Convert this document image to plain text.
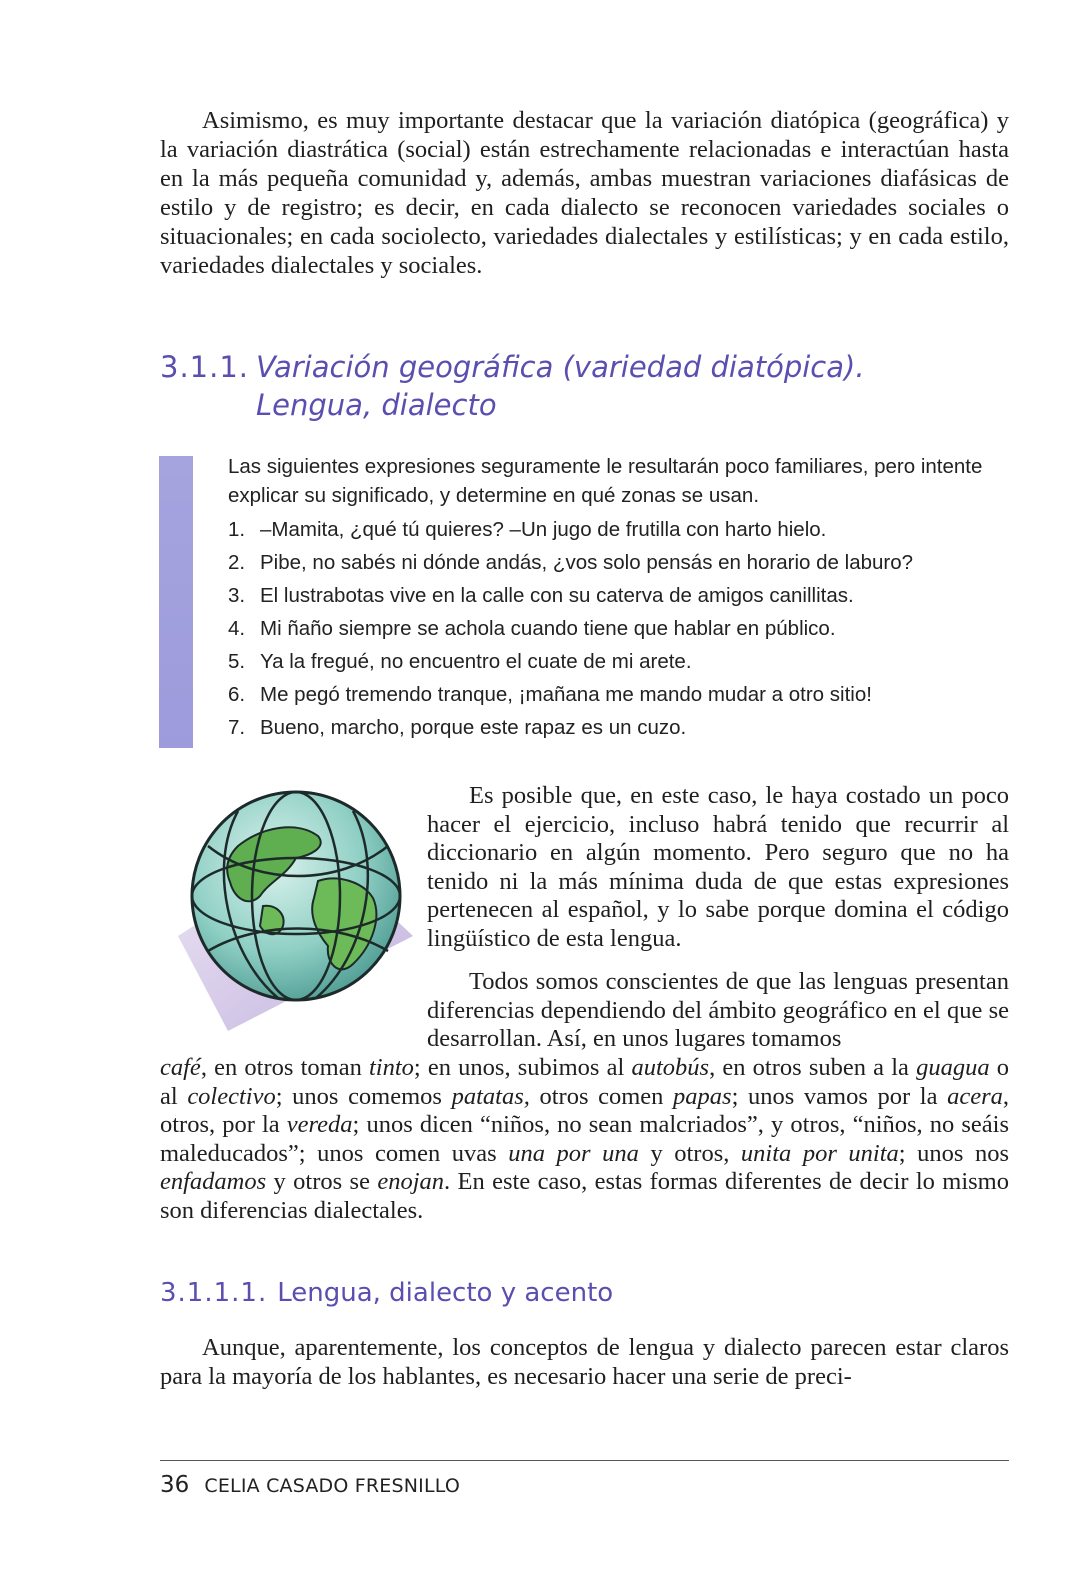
Asimismo, es muy importante destacar que la variación diatópica (geográfica) y la variación diastrática (social) están estrechamente relacionadas e interactúan hasta en la más pequeña comunidad y, además, ambas muestran variaciones diafásicas de estilo y de registro; es decir, en cada dialecto se reconocen variedades sociales o situacionales; en cada sociolecto, variedades dialectales y estilísticas; y en cada estilo, variedades dialectales y sociales.

3.1.1. Variación geográfica (variedad diatópica).
Lengua, dialecto

Las siguientes expresiones seguramente le resultarán poco familiares, pero intente explicar su significado, y determine en qué zonas se usan.

1. –Mamita, ¿qué tú quieres? –Un jugo de frutilla con harto hielo.
2. Pibe, no sabés ni dónde andás, ¿vos solo pensás en horario de laburo?
3. El lustrabotas vive en la calle con su caterva de amigos canillitas.
4. Mi ñaño siempre se achola cuando tiene que hablar en público.
5. Ya la fregué, no encuentro el cuate de mi arete.
6. Me pegó tremendo tranque, ¡mañana me mando mudar a otro sitio!
7. Bueno, marcho, porque este rapaz es un cuzo.

Es posible que, en este caso, le haya costado un poco hacer el ejercicio, incluso habrá tenido que recurrir al diccionario en algún momento. Pero seguro que no ha tenido ni la más mínima duda de que estas expresiones pertenecen al español, y lo sabe porque domina el código lingüístico de esta lengua.

Todos somos conscientes de que las lenguas presentan diferencias dependiendo del ámbito geográfico en el que se desarrollan. Así, en unos lugares tomamos

café, en otros toman tinto; en unos, subimos al autobús, en otros suben a la guagua o al colectivo; unos comemos patatas, otros comen papas; unos vamos por la acera, otros, por la vereda; unos dicen “niños, no sean malcriados”, y otros, “niños, no seáis maleducados”; unos comen uvas una por una y otros, unita por unita; unos nos enfadamos y otros se enojan. En este caso, estas formas diferentes de decir lo mismo son diferencias dialectales.

3.1.1.1. Lengua, dialecto y acento

Aunque, aparentemente, los conceptos de lengua y dialecto parecen estar claros para la mayoría de los hablantes, es necesario hacer una serie de preci-

36 CELIA CASADO FRESNILLO
